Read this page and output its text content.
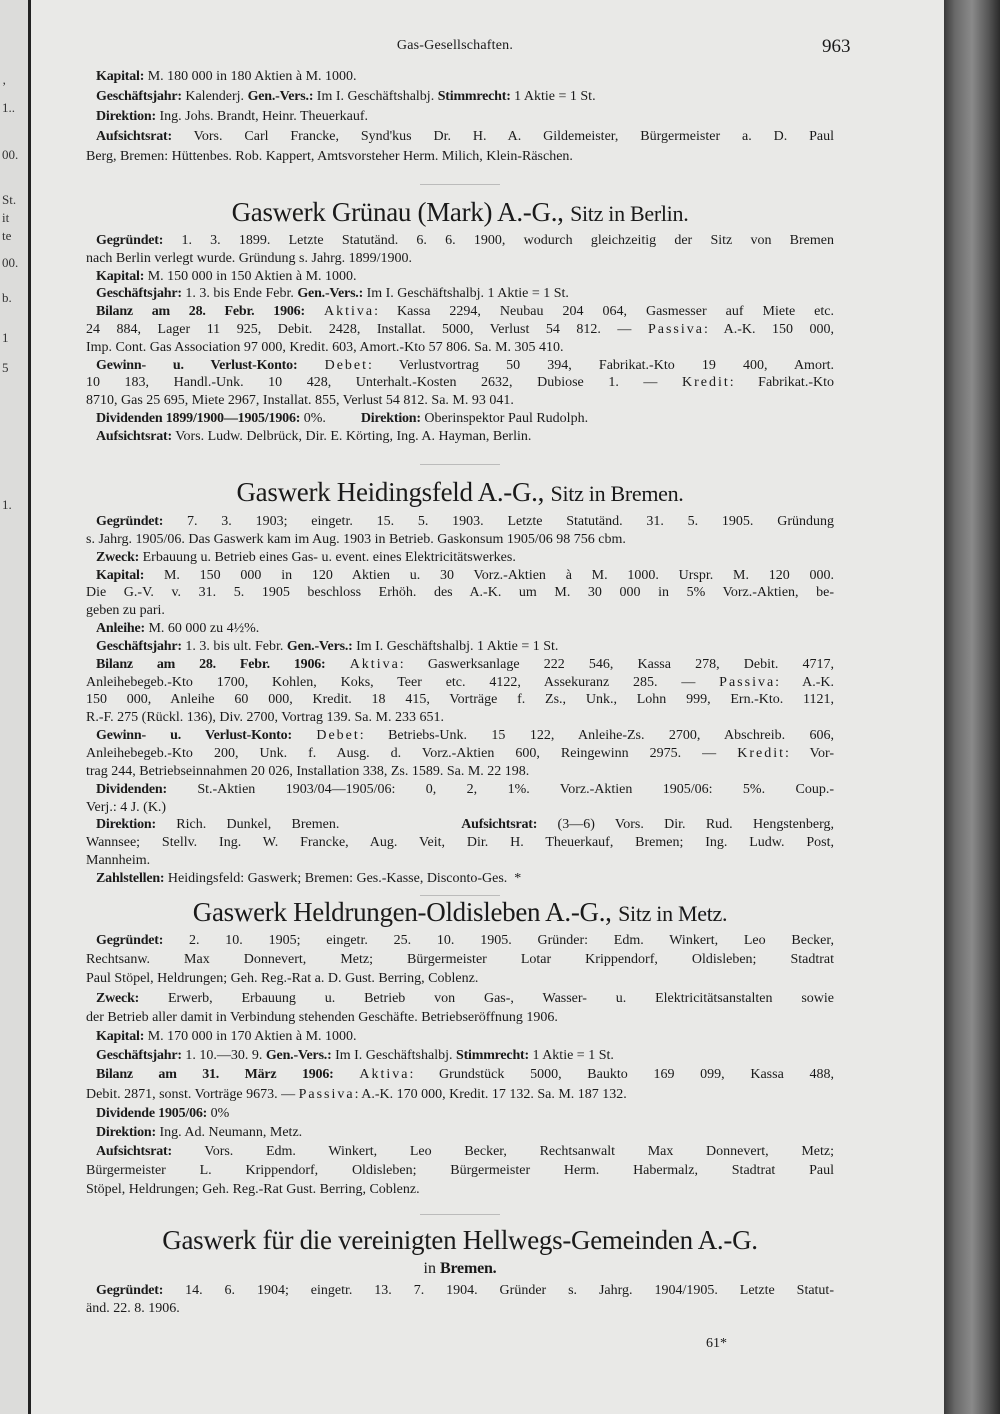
‚
1..
00.
St.
it
te
00.
b.
1
5
1.
Gas-Gesellschaften.	963
Kapital: M. 180 000 in 180 Aktien à M. 1000.
Geschäftsjahr: Kalenderj. Gen.-Vers.: Im I. Geschäftshalbj. Stimmrecht: 1 Aktie = 1 St.
Direktion: Ing. Johs. Brandt, Heinr. Theuerkauf.
Aufsichtsrat: Vors. Carl Francke, Synd'kus Dr. H. A. Gildemeister, Bürgermeister a. D. Paul
Berg, Bremen: Hüttenbes. Rob. Kappert, Amtsvorsteher Herm. Milich, Klein-Räschen.
Gegründet: 1. 3. 1899. Letzte Statutänd. 6. 6. 1900, wodurch gleichzeitig der Sitz von Bremen
nach Berlin verlegt wurde. Gründung s. Jahrg. 1899/1900.
Kapital: M. 150 000 in 150 Aktien à M. 1000.
Geschäftsjahr: 1. 3. bis Ende Febr. Gen.-Vers.: Im I. Geschäftshalbj. 1 Aktie = 1 St.
Bilanz am 28. Febr. 1906: Aktiva: Kassa 2294, Neubau 204 064, Gasmesser auf Miete etc.
24 884, Lager 11 925, Debit. 2428, Installat. 5000, Verlust 54 812. — Passiva: A.-K. 150 000,
Imp. Cont. Gas Association 97 000, Kredit. 603, Amort.-Kto 57 806. Sa. M. 305 410.
Gewinn- u. Verlust-Konto: Debet: Verlustvortrag 50 394, Fabrikat.-Kto 19 400, Amort.
10 183, Handl.-Unk. 10 428, Unterhalt.-Kosten 2632, Dubiose 1. — Kredit: Fabrikat.-Kto
8710, Gas 25 695, Miete 2967, Installat. 855, Verlust 54 812. Sa. M. 93 041.
Dividenden 1899/1900—1905/1906: 0%.          Direktion: Oberinspektor Paul Rudolph.
Aufsichtsrat: Vors. Ludw. Delbrück, Dir. E. Körting, Ing. A. Hayman, Berlin.
Gegründet: 7. 3. 1903; eingetr. 15. 5. 1903. Letzte Statutänd. 31. 5. 1905. Gründung
s. Jahrg. 1905/06. Das Gaswerk kam im Aug. 1903 in Betrieb. Gaskonsum 1905/06 98 756 cbm.
Zweck: Erbauung u. Betrieb eines Gas- u. event. eines Elektricitätswerkes.
Kapital: M. 150 000 in 120 Aktien u. 30 Vorz.-Aktien à M. 1000. Urspr. M. 120 000.
Die G.-V. v. 31. 5. 1905 beschloss Erhöh. des A.-K. um M. 30 000 in 5% Vorz.-Aktien, be-
geben zu pari.
Anleihe: M. 60 000 zu 4½%.
Geschäftsjahr: 1. 3. bis ult. Febr. Gen.-Vers.: Im I. Geschäftshalbj. 1 Aktie = 1 St.
Bilanz am 28. Febr. 1906: Aktiva: Gaswerksanlage 222 546, Kassa 278, Debit. 4717,
Anleihebegeb.-Kto 1700, Kohlen, Koks, Teer etc. 4122, Assekuranz 285. — Passiva: A.-K.
150 000, Anleihe 60 000, Kredit. 18 415, Vorträge f. Zs., Unk., Lohn 999, Ern.-Kto. 1121,
R.-F. 275 (Rückl. 136), Div. 2700, Vortrag 139. Sa. M. 233 651.
Gewinn- u. Verlust-Konto: Debet: Betriebs-Unk. 15 122, Anleihe-Zs. 2700, Abschreib. 606,
Anleihebegeb.-Kto 200, Unk. f. Ausg. d. Vorz.-Aktien 600, Reingewinn 2975. — Kredit: Vor-
trag 244, Betriebseinnahmen 20 026, Installation 338, Zs. 1589. Sa. M. 22 198.
Dividenden: St.-Aktien 1903/04—1905/06: 0, 2, 1%. Vorz.-Aktien 1905/06: 5%. Coup.-
Verj.: 4 J. (K.)
Direktion: Rich. Dunkel, Bremen.      Aufsichtsrat: (3—6) Vors. Dir. Rud. Hengstenberg,
Wannsee; Stellv. Ing. W. Francke, Aug. Veit, Dir. H. Theuerkauf, Bremen; Ing. Ludw. Post,
Mannheim.
Zahlstellen: Heidingsfeld: Gaswerk; Bremen: Ges.-Kasse, Disconto-Ges.  *
Gegründet: 2. 10. 1905; eingetr. 25. 10. 1905. Gründer: Edm. Winkert, Leo Becker,
Rechtsanw. Max Donnevert, Metz; Bürgermeister Lotar Krippendorf, Oldisleben; Stadtrat
Paul Stöpel, Heldrungen; Geh. Reg.-Rat a. D. Gust. Berring, Coblenz.
Zweck: Erwerb, Erbauung u. Betrieb von Gas-, Wasser- u. Elektricitätsanstalten sowie
der Betrieb aller damit in Verbindung stehenden Geschäfte. Betriebseröffnung 1906.
Kapital: M. 170 000 in 170 Aktien à M. 1000.
Geschäftsjahr: 1. 10.—30. 9. Gen.-Vers.: Im I. Geschäftshalbj. Stimmrecht: 1 Aktie = 1 St.
Bilanz am 31. März 1906: Aktiva: Grundstück 5000, Baukto 169 099, Kassa 488,
Debit. 2871, sonst. Vorträge 9673. — Passiva: A.-K. 170 000, Kredit. 17 132. Sa. M. 187 132.
Dividende 1905/06: 0%
Direktion: Ing. Ad. Neumann, Metz.
Aufsichtsrat: Vors. Edm. Winkert, Leo Becker, Rechtsanwalt Max Donnevert, Metz;
Bürgermeister L. Krippendorf, Oldisleben; Bürgermeister Herm. Habermalz, Stadtrat Paul
Stöpel, Heldrungen; Geh. Reg.-Rat Gust. Berring, Coblenz.
Gegründet: 14. 6. 1904; eingetr. 13. 7. 1904. Gründer s. Jahrg. 1904/1905. Letzte Statut-
änd. 22. 8. 1906.
61*
Gaswerk Grünau (Mark) A.-G., Sitz in Berlin.
Gaswerk Heidingsfeld A.-G., Sitz in Bremen.
Gaswerk Heldrungen-Oldisleben A.-G., Sitz in Metz.
Gaswerk für die vereinigten Hellwegs-Gemeinden A.-G.
in Bremen.
